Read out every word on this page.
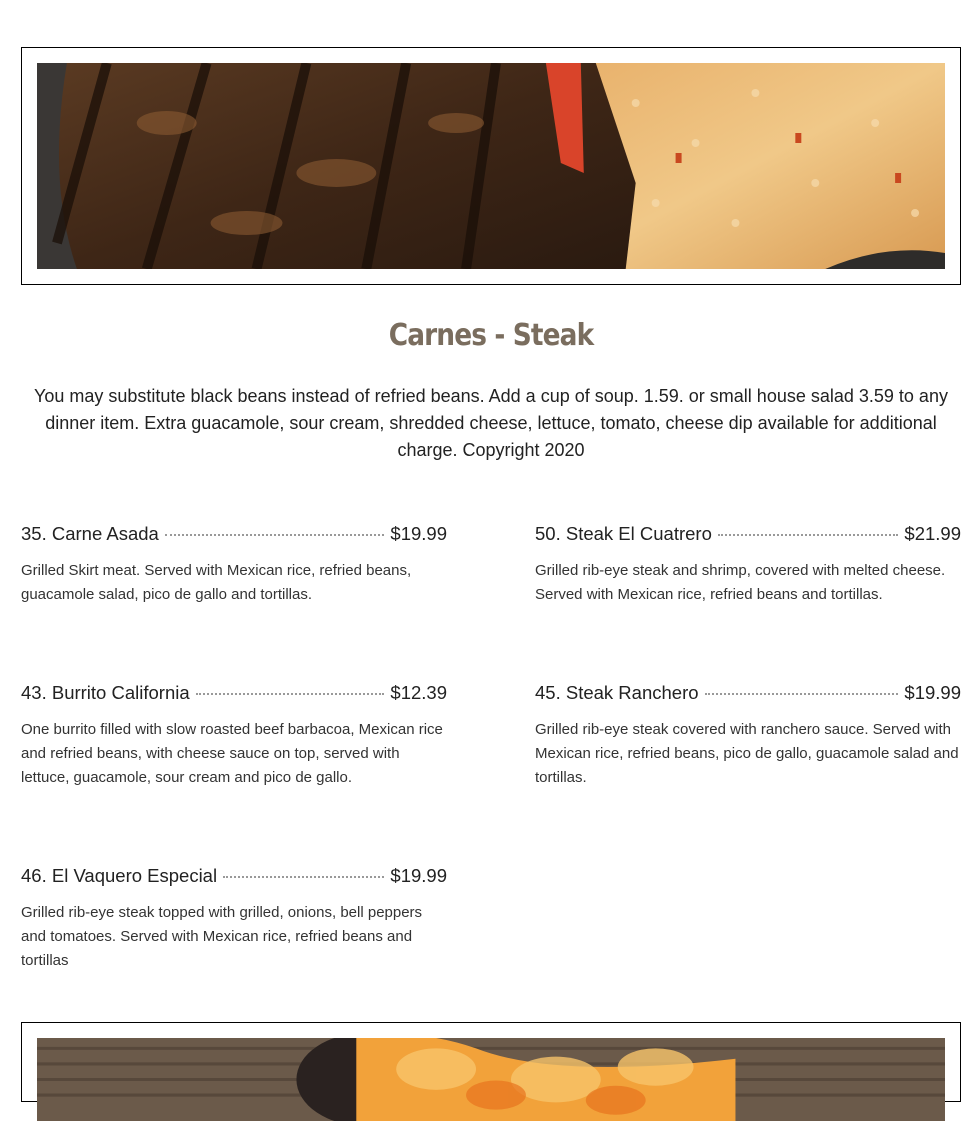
Carnes - Steak
You may substitute black beans instead of refried beans. Add a cup of soup. 1.59. or small house salad 3.59 to any dinner item. Extra guacamole, sour cream, shredded cheese, lettuce, tomato, cheese dip available for additional charge. Copyright 2020
35. Carne Asada	$19.99
Grilled Skirt meat. Served with Mexican rice, refried beans, guacamole salad, pico de gallo and tortillas.
50. Steak El Cuatrero	$21.99
Grilled rib-eye steak and shrimp, covered with melted cheese. Served with Mexican rice, refried beans and tortillas.
43. Burrito California	$12.39
One burrito filled with slow roasted beef barbacoa, Mexican rice and refried beans, with cheese sauce on top, served with lettuce, guacamole, sour cream and pico de gallo.
45. Steak Ranchero	$19.99
Grilled rib-eye steak covered with ranchero sauce. Served with Mexican rice, refried beans, pico de gallo, guacamole salad and tortillas.
46. El Vaquero Especial	$19.99
Grilled rib-eye steak topped with grilled, onions, bell peppers and tomatoes. Served with Mexican rice, refried beans and tortillas
